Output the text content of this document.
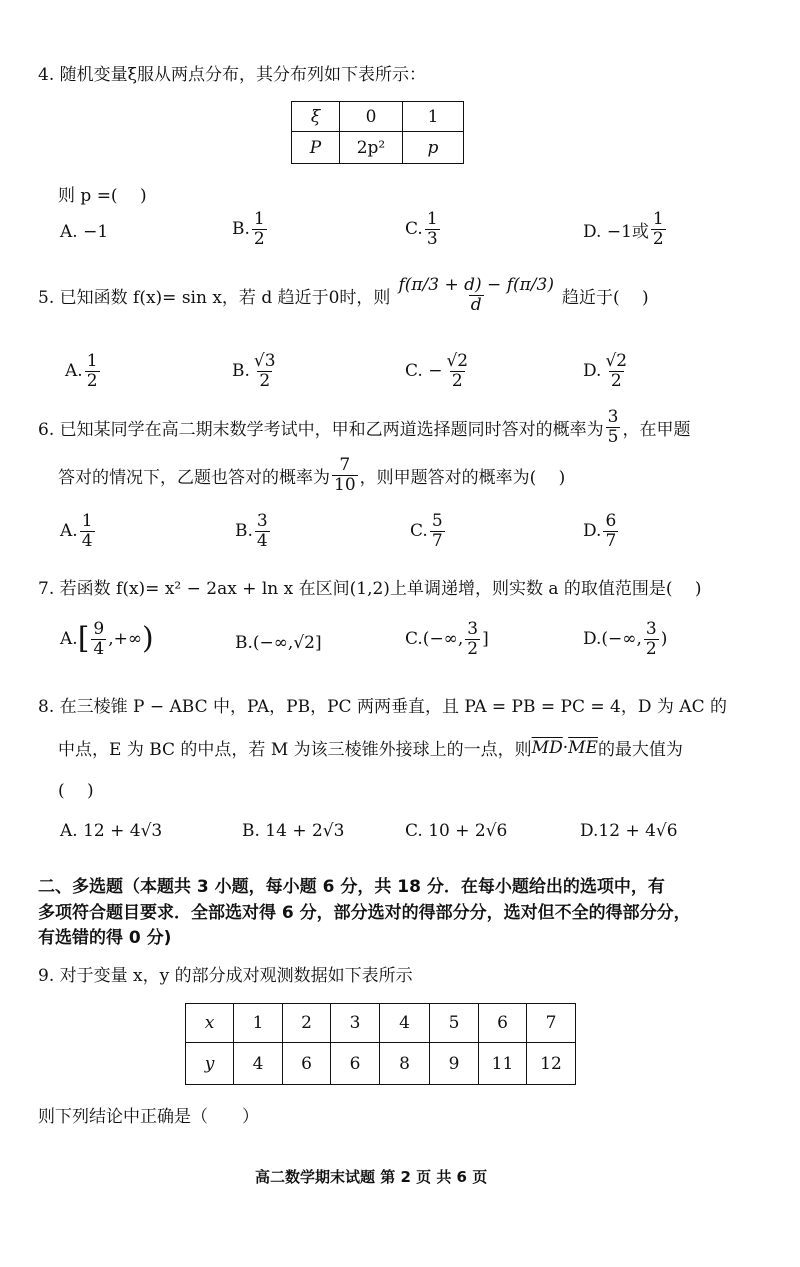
4. 随机变量ξ服从两点分布，其分布列如下表所示：
ξ	0	1
P	2p²	p
则 p =(　 )
A. −1	B. $\frac{1}{2}$	C. $\frac{1}{3}$	D. −1或 $\frac{1}{2}$
5. 已知函数 f(x)= sin x，若 d 趋近于0时，则 $\frac{f(\pi/3 + d) - f(\pi/3)}{d}$ 趋近于(　 )
A. $\frac{1}{2}$	B. $\frac{√3}{2}$	C. − $\frac{√2}{2}$	D. $\frac{√2}{2}$
6. 已知某同学在高二期末数学考试中，甲和乙两道选择题同时答对的概率为 $\frac{3}{5}$ ，在甲题
答对的情况下，乙题也答对的概率为 $\frac{7}{10}$ ，则甲题答对的概率为(　 )
A. $\frac{1}{4}$	B. $\frac{3}{4}$	C. $\frac{5}{7}$	D. $\frac{6}{7}$
7. 若函数 f(x)= x² − 2ax + ln x 在区间(1,2)上单调递增，则实数 a 的取值范围是(　 )
A. [ $\frac{9}{4}$ ,+∞ )	B.(−∞,√2]	C.(−∞, $\frac{3}{2}$ ]	D.(−∞, $\frac{3}{2}$ )
8. 在三棱锥 P − ABC 中，PA，PB，PC 两两垂直，且 PA = PB = PC = 4，D 为 AC 的
中点，E 为 BC 的中点，若 M 为该三棱锥外接球上的一点，则 $\overline{MD} \cdot \overline{ME}$ 的最大值为
(　 )
A. 12 + 4√3	B. 14 + 2√3	C. 10 + 2√6	D.12 + 4√6
二、多选题（本题共 3 小题，每小题 6 分，共 18 分．在每小题给出的选项中，有
多项符合题目要求．全部选对得 6 分，部分选对的得部分分，选对但不全的得部分分，
有选错的得 0 分)
9. 对于变量 x，y 的部分成对观测数据如下表所示
x	1	2	3	4	5	6	7
y	4	6	6	8	9	11	12
则下列结论中正确是（　　）
高二数学期末试题 第 2 页 共 6 页
